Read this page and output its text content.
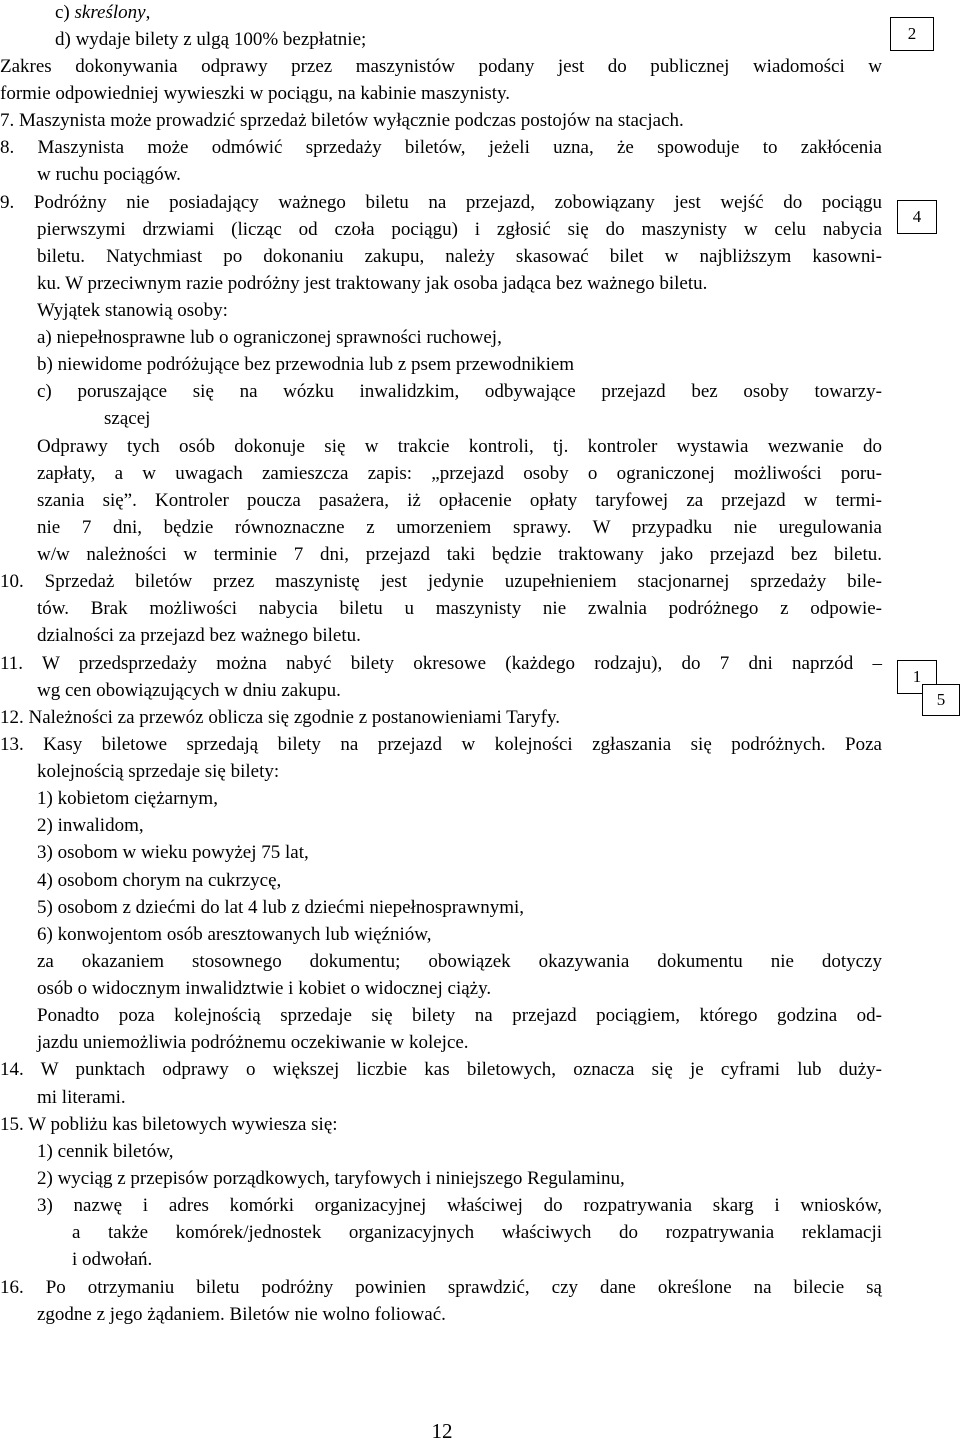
c) skreślony,
d) wydaje bilety z ulgą 100% bezpłatnie;
Zakres dokonywania odprawy przez maszynistów podany jest do publicznej wiadomości w
formie odpowiedniej wywieszki w pociągu, na kabinie maszynisty.
7. Maszynista może prowadzić sprzedaż biletów wyłącznie podczas postojów na stacjach.
8. Maszynista może odmówić sprzedaży biletów, jeżeli uzna, że spowoduje to zakłócenia
w ruchu pociągów.
9. Podróżny nie posiadający ważnego biletu na przejazd, zobowiązany jest wejść do pociągu
pierwszymi drzwiami (licząc od czoła pociągu) i zgłosić się do maszynisty w celu nabycia
biletu. Natychmiast po dokonaniu zakupu, należy skasować bilet w najbliższym kasowni-
ku. W przeciwnym razie podróżny jest traktowany jak osoba jadąca bez ważnego biletu.
Wyjątek stanowią osoby:
a) niepełnosprawne lub o ograniczonej sprawności ruchowej,
b) niewidome podróżujące bez przewodnia lub z psem przewodnikiem
c) poruszające się na wózku inwalidzkim, odbywające przejazd bez osoby towarzy-
szącej
Odprawy tych osób dokonuje się w trakcie kontroli, tj. kontroler wystawia wezwanie do
zapłaty, a w uwagach zamieszcza zapis: „przejazd osoby o ograniczonej możliwości poru-
szania się”. Kontroler poucza pasażera, iż opłacenie opłaty taryfowej za przejazd w termi-
nie 7 dni, będzie równoznaczne z umorzeniem sprawy. W przypadku nie uregulowania
w/w należności w terminie 7 dni, przejazd taki będzie traktowany jako przejazd bez biletu.
10. Sprzedaż biletów przez maszynistę jest jedynie uzupełnieniem stacjonarnej sprzedaży bile-
tów. Brak możliwości nabycia biletu u maszynisty nie zwalnia podróżnego z odpowie-
dzialności za przejazd bez ważnego biletu.
11. W przedsprzedaży można nabyć bilety okresowe (każdego rodzaju), do 7 dni naprzód –
wg cen obowiązujących w dniu zakupu.
12. Należności za przewóz oblicza się zgodnie z postanowieniami Taryfy.
13. Kasy biletowe sprzedają bilety na przejazd w kolejności zgłaszania się podróżnych. Poza
kolejnością sprzedaje się bilety:
1) kobietom ciężarnym,
2) inwalidom,
3) osobom w wieku powyżej 75 lat,
4) osobom chorym na cukrzycę,
5) osobom z dziećmi do lat 4 lub z dziećmi niepełnosprawnymi,
6) konwojentom osób aresztowanych lub więźniów,
za okazaniem stosownego dokumentu; obowiązek okazywania dokumentu nie dotyczy
osób o widocznym inwalidztwie i kobiet o widocznej ciąży.
Ponadto poza kolejnością sprzedaje się bilety na przejazd pociągiem, którego godzina od-
jazdu uniemożliwia podróżnemu oczekiwanie w kolejce.
14. W punktach odprawy o większej liczbie kas biletowych, oznacza się je cyframi lub duży-
mi literami.
15. W pobliżu kas biletowych wywiesza się:
1) cennik biletów,
2) wyciąg z przepisów porządkowych, taryfowych i niniejszego Regulaminu,
3) nazwę i adres komórki organizacyjnej właściwej do rozpatrywania skarg i wniosków,
a także komórek/jednostek organizacyjnych właściwych do rozpatrywania reklamacji
i odwołań.
16. Po otrzymaniu biletu podróżny powinien sprawdzić, czy dane określone na bilecie są
zgodne z jego żądaniem. Biletów nie wolno foliować.
2
4
1
5
12
